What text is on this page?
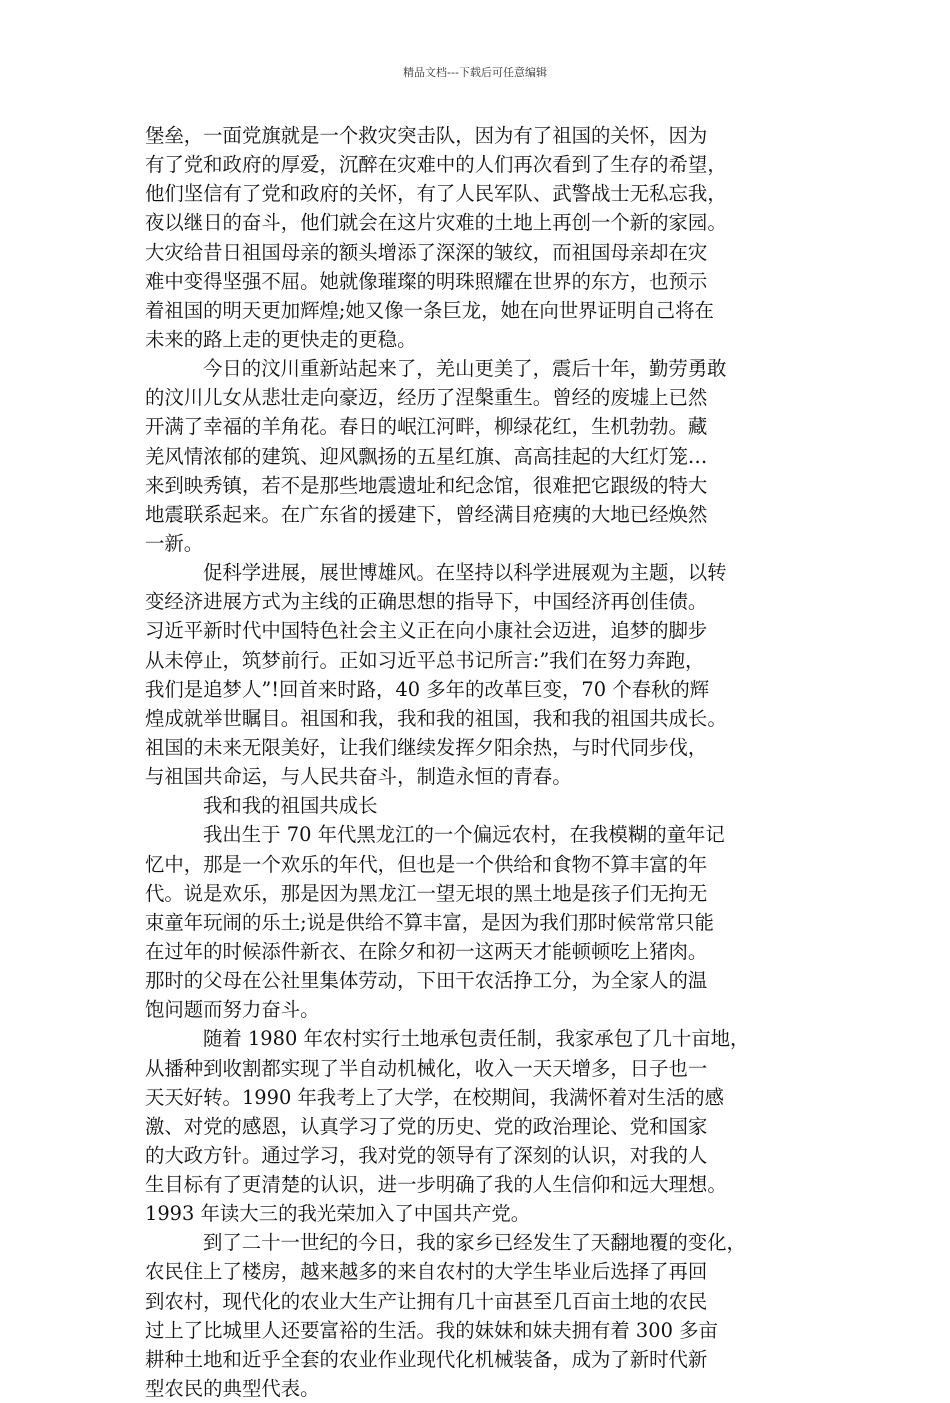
精品文档---下载后可任意编辑
堡垒，一面党旗就是一个救灾突击队，因为有了祖国的关怀，因为
有了党和政府的厚爱，沉醉在灾难中的人们再次看到了生存的希望，
他们坚信有了党和政府的关怀，有了人民军队、武警战士无私忘我，
夜以继日的奋斗，他们就会在这片灾难的土地上再创一个新的家园。
大灾给昔日祖国母亲的额头增添了深深的皱纹，而祖国母亲却在灾
难中变得坚强不屈。她就像璀璨的明珠照耀在世界的东方，也预示
着祖国的明天更加辉煌;她又像一条巨龙，她在向世界证明自己将在
未来的路上走的更快走的更稳。
今日的汶川重新站起来了，羌山更美了，震后十年，勤劳勇敢
的汶川儿女从悲壮走向豪迈，经历了涅槃重生。曾经的废墟上已然
开满了幸福的羊角花。春日的岷江河畔，柳绿花红，生机勃勃。藏
羌风情浓郁的建筑、迎风飘扬的五星红旗、高高挂起的大红灯笼…
来到映秀镇，若不是那些地震遗址和纪念馆，很难把它跟级的特大
地震联系起来。在广东省的援建下，曾经满目疮痍的大地已经焕然
一新。
促科学进展，展世博雄风。在坚持以科学进展观为主题，以转
变经济进展方式为主线的正确思想的指导下，中国经济再创佳债。
习近平新时代中国特色社会主义正在向小康社会迈进，追梦的脚步
从未停止，筑梦前行。正如习近平总书记所言:”我们在努力奔跑，
我们是追梦人”!回首来时路，40 多年的改革巨变，70 个春秋的辉
煌成就举世瞩目。祖国和我，我和我的祖国，我和我的祖国共成长。
祖国的未来无限美好，让我们继续发挥夕阳余热，与时代同步伐，
与祖国共命运，与人民共奋斗，制造永恒的青春。
我和我的祖国共成长
我出生于 70 年代黑龙江的一个偏远农村，在我模糊的童年记
忆中，那是一个欢乐的年代，但也是一个供给和食物不算丰富的年
代。说是欢乐，那是因为黑龙江一望无垠的黑土地是孩子们无拘无
束童年玩闹的乐土;说是供给不算丰富，是因为我们那时候常常只能
在过年的时候添件新衣、在除夕和初一这两天才能顿顿吃上猪肉。
那时的父母在公社里集体劳动，下田干农活挣工分，为全家人的温
饱问题而努力奋斗。
随着 1980 年农村实行土地承包责任制，我家承包了几十亩地，
从播种到收割都实现了半自动机械化，收入一天天增多，日子也一
天天好转。1990 年我考上了大学，在校期间，我满怀着对生活的感
激、对党的感恩，认真学习了党的历史、党的政治理论、党和国家
的大政方针。通过学习，我对党的领导有了深刻的认识，对我的人
生目标有了更清楚的认识，进一步明确了我的人生信仰和远大理想。
1993 年读大三的我光荣加入了中国共产党。
到了二十一世纪的今日，我的家乡已经发生了天翻地覆的变化，
农民住上了楼房，越来越多的来自农村的大学生毕业后选择了再回
到农村，现代化的农业大生产让拥有几十亩甚至几百亩土地的农民
过上了比城里人还要富裕的生活。我的妹妹和妹夫拥有着 300 多亩
耕种土地和近乎全套的农业作业现代化机械装备，成为了新时代新
型农民的典型代表。
